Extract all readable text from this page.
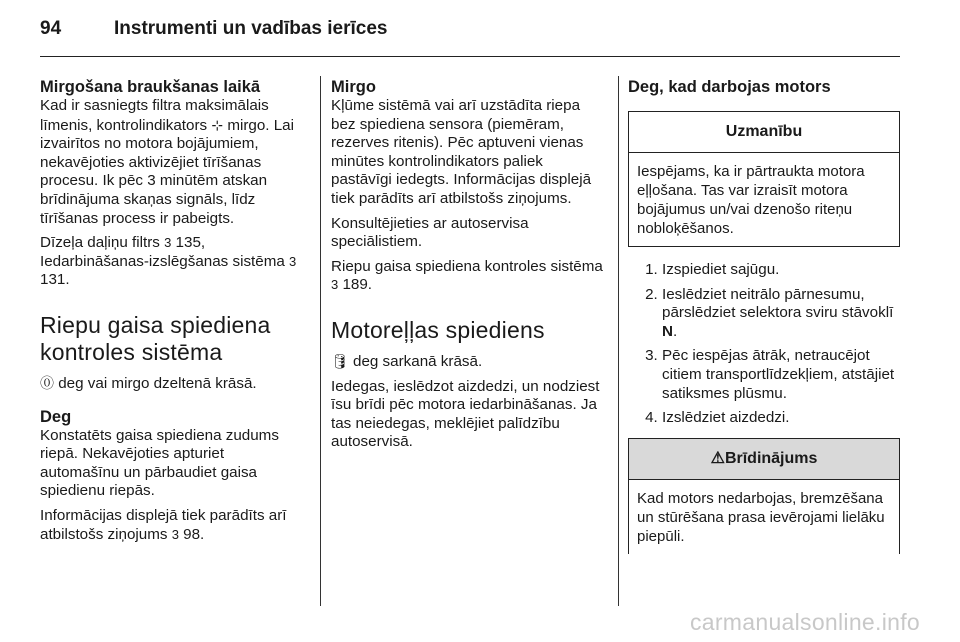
94	Instrumenti un vadības ierīces
Mirgošana braukšanas laikā

Kad ir sasniegts filtra maksimālais līmenis, kontrolindikators ⊹ mirgo. Lai izvairītos no motora bojājumiem, nekavējoties aktivizējiet tīrīšanas procesu. Ik pēc 3 minūtēm atskan brīdinājuma skaņas signāls, līdz tīrīšanas process ir pabeigts.

Dīzeļa daļiņu filtrs 3 135,
Iedarbināšanas-izslēgšanas sistēma 3 131.

Riepu gaisa spiediena kontroles sistēma

⓪ deg vai mirgo dzeltenā krāsā.

Deg

Konstatēts gaisa spiediena zudums riepā. Nekavējoties apturiet automašīnu un pārbaudiet gaisa spiedienu riepās.

Informācijas displejā tiek parādīts arī atbilstošs ziņojums 3 98.

Mirgo

Kļūme sistēmā vai arī uzstādīta riepa bez spiediena sensora (piemēram, rezerves ritenis). Pēc aptuveni vienas minūtes kontrolindikators paliek pastāvīgi iedegts. Informācijas displejā tiek parādīts arī atbilstošs ziņojums.

Konsultējieties ar autoservisa speciālistiem.

Riepu gaisa spiediena kontroles sistēma 3 189.

Motoreļļas spiediens

🛢 deg sarkanā krāsā.

Iedegas, ieslēdzot aizdedzi, un nodziest īsu brīdi pēc motora iedarbināšanas. Ja tas neiedegas, meklējiet palīdzību autoservisā.

Deg, kad darbojas motors
Uzmanību
Iespējams, ka ir pārtraukta motora eļļošana. Tas var izraisīt motora bojājumus un/vai dzenošo riteņu nobloķēšanos.
1. Izspiediet sajūgu.
2. Ieslēdziet neitrālo pārnesumu, pārslēdziet selektora sviru stāvoklī N.
3. Pēc iespējas ātrāk, netraucējot citiem transportlīdzekļiem, atstājiet satiksmes plūsmu.
4. Izslēdziet aizdedzi.
⚠Brīdinājums
Kad motors nedarbojas, bremzēšana un stūrēšana prasa ievērojami lielāku piepūli.
carmanualsonline.info
